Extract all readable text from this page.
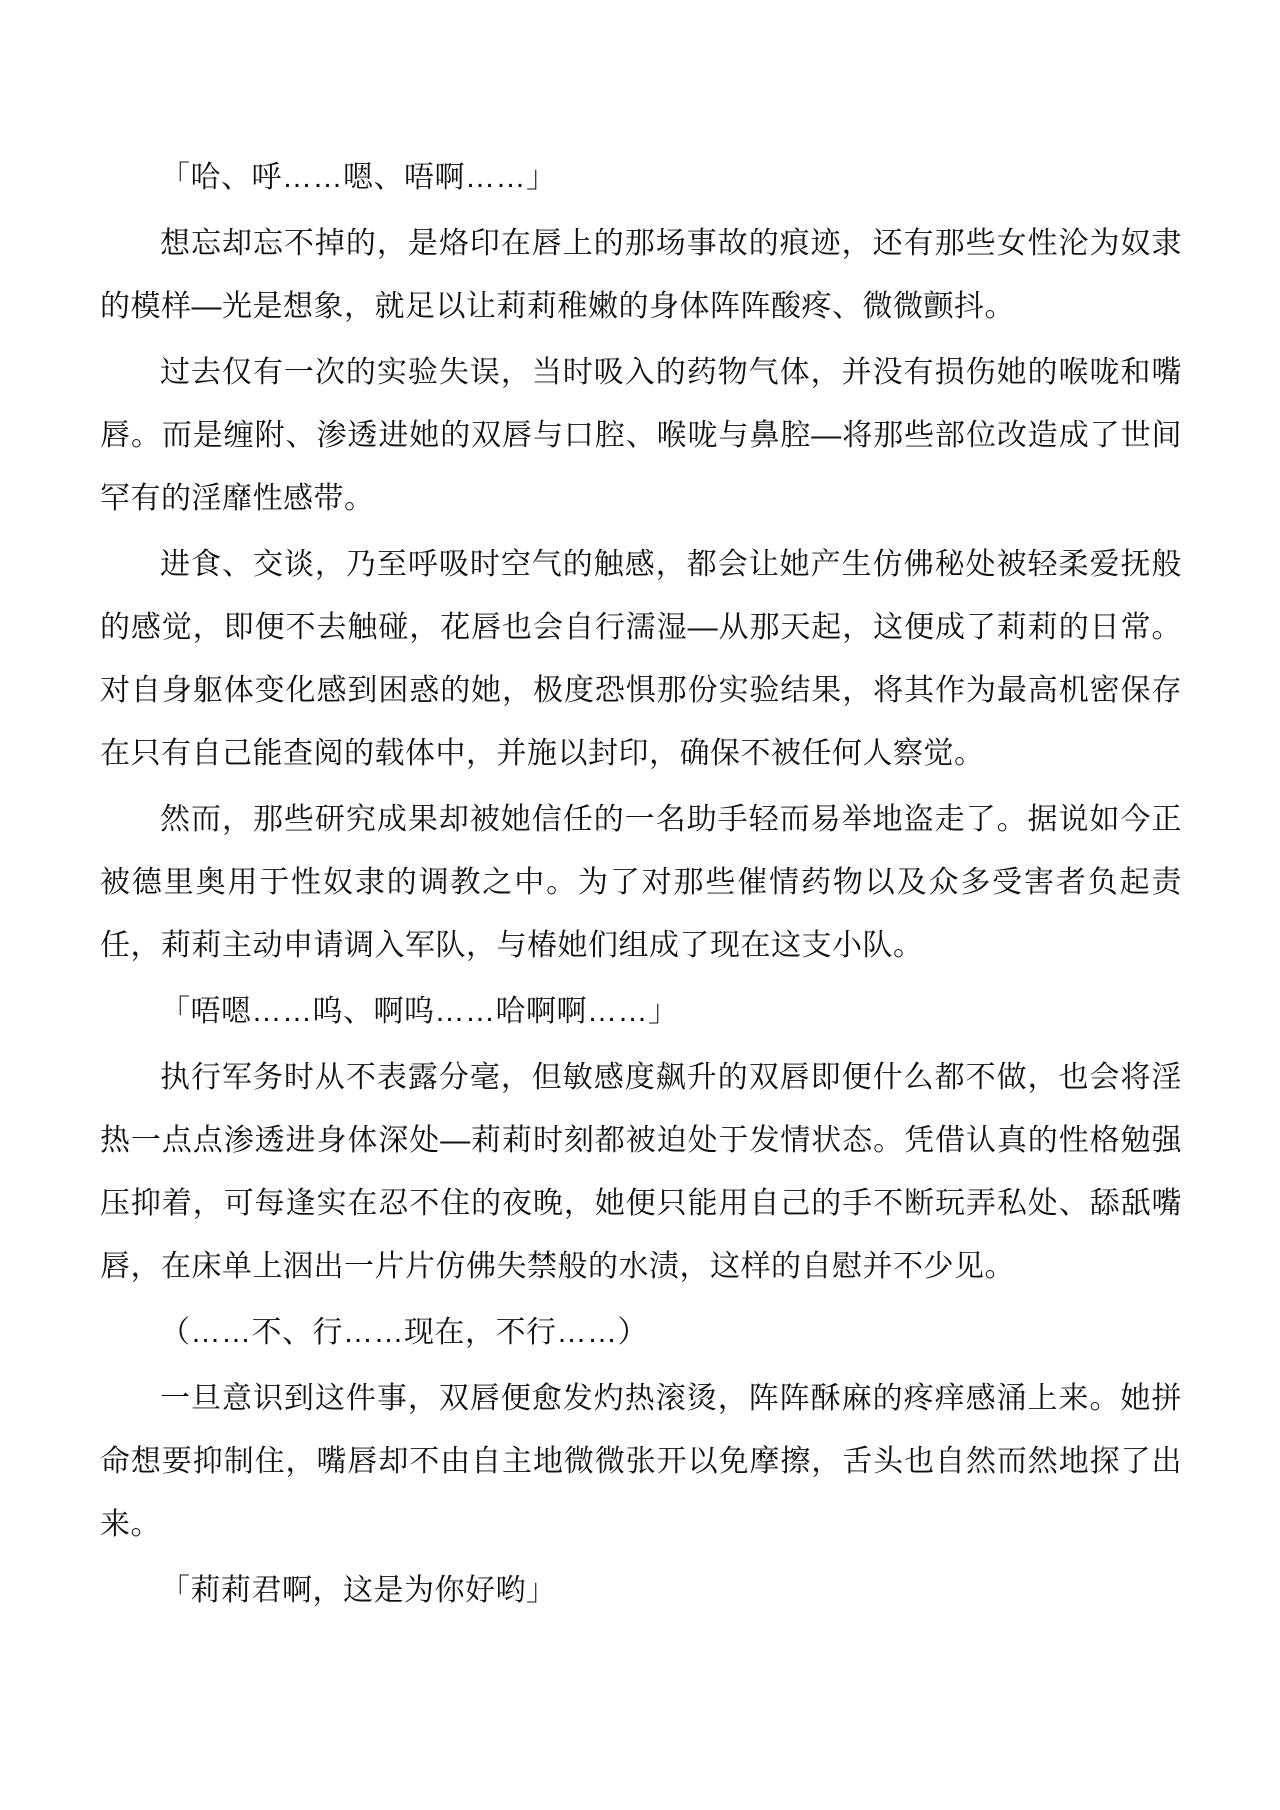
「哈、呼……嗯、唔啊……」

想忘却忘不掉的，是烙印在唇上的那场事故的痕迹，还有那些女性沦为奴隶的模样—光是想象，就足以让莉莉稚嫩的身体阵阵酸疼、微微颤抖。

过去仅有一次的实验失误，当时吸入的药物气体，并没有损伤她的喉咙和嘴唇。而是缠附、渗透进她的双唇与口腔、喉咙与鼻腔—将那些部位改造成了世间罕有的淫靡性感带。

进食、交谈，乃至呼吸时空气的触感，都会让她产生仿佛秘处被轻柔爱抚般的感觉，即便不去触碰，花唇也会自行濡湿—从那天起，这便成了莉莉的日常。对自身躯体变化感到困惑的她，极度恐惧那份实验结果，将其作为最高机密保存在只有自己能查阅的载体中，并施以封印，确保不被任何人察觉。

然而，那些研究成果却被她信任的一名助手轻而易举地盗走了。据说如今正被德里奥用于性奴隶的调教之中。为了对那些催情药物以及众多受害者负起责任，莉莉主动申请调入军队，与椿她们组成了现在这支小队。

「唔嗯……呜、啊呜……哈啊啊……」

执行军务时从不表露分毫，但敏感度飙升的双唇即便什么都不做，也会将淫热一点点渗透进身体深处—莉莉时刻都被迫处于发情状态。凭借认真的性格勉强压抑着，可每逢实在忍不住的夜晚，她便只能用自己的手不断玩弄私处、舔舐嘴唇，在床单上洇出一片片仿佛失禁般的水渍，这样的自慰并不少见。

（……不、行……现在，不行……）

一旦意识到这件事，双唇便愈发灼热滚烫，阵阵酥麻的疼痒感涌上来。她拼命想要抑制住，嘴唇却不由自主地微微张开以免摩擦，舌头也自然而然地探了出来。

「莉莉君啊，这是为你好哟」
